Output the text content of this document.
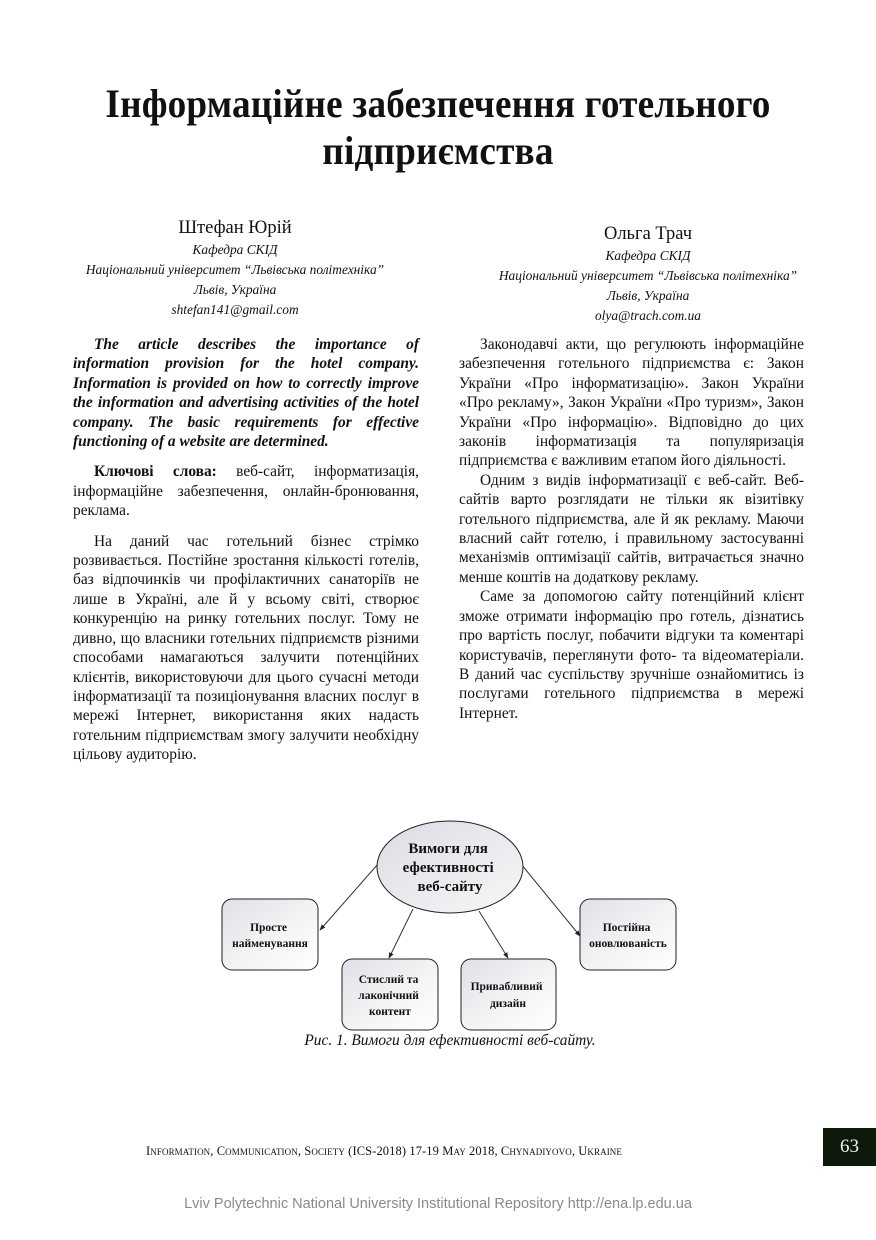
Інформаційне забезпечення готельного
підприємства
Штефан Юрій
Кафедра СКІД
Національний університет “Львівська політехніка”
Львів, Україна
shtefan141@gmail.com
Ольга Трач
Кафедра СКІД
Національний університет “Львівська політехніка”
Львів, Україна
olya@trach.com.ua

The article describes the importance of information provision for the hotel company. Information is provided on how to correctly improve the information and advertising activities of the hotel company. The basic requirements for effective functioning of a website are determined.

Ключові слова: веб-сайт, інформатизація, інформаційне забезпечення, онлайн-бронювання, реклама.

На даний час готельний бізнес стрімко розвивається. Постійне зростання кількості готелів, баз відпочинків чи профілактичних санаторіїв не лише в Україні, але й у всьому світі, створює конкуренцію на ринку готельних послуг. Тому не дивно, що власники готельних підприємств різними способами намагаються залучити потенційних клієнтів, використовуючи для цього сучасні методи інформатизації та позиціонування власних послуг в мережі Інтернет, використання яких надасть готельним підприємствам змогу залучити необхідну цільову аудиторію.

Законодавчі акти, що регулюють інформаційне забезпечення готельного підприємства є: Закон України «Про інформатизацію». Закон України «Про рекламу», Закон України «Про туризм», Закон України «Про інформацію». Відповідно до цих законів інформатизація та популяризація підприємства є важливим етапом його діяльності.

Одним з видів інформатизації є веб-сайт. Веб-сайтів варто розглядати не тільки як візитівку готельного підприємства, але й як рекламу. Маючи власний сайт готелю, і правильному застосуванні механізмів оптимізації сайтів, витрачається значно менше коштів на додаткову рекламу.

Саме за допомогою сайту потенційний клієнт зможе отримати інформацію про готель, дізнатись про вартість послуг, побачити відгуки та коментарі користувачів, переглянути фото- та відеоматеріали. В даний час суспільству зручніше ознайомитись із послугами готельного підприємства в мережі Інтернет.

Вимоги для ефективності веб-сайту
Просте найменування
Стислий та лаконічний контент
Привабливий дизайн
Постійна оновлюваність
Рис. 1. Вимоги для ефективності веб-сайту.
Information, Communication, Society (ICS-2018) 17-19 May 2018, Chynadiyovo, Ukraine	63
Lviv Polytechnic National University Institutional Repository http://ena.lp.edu.ua
